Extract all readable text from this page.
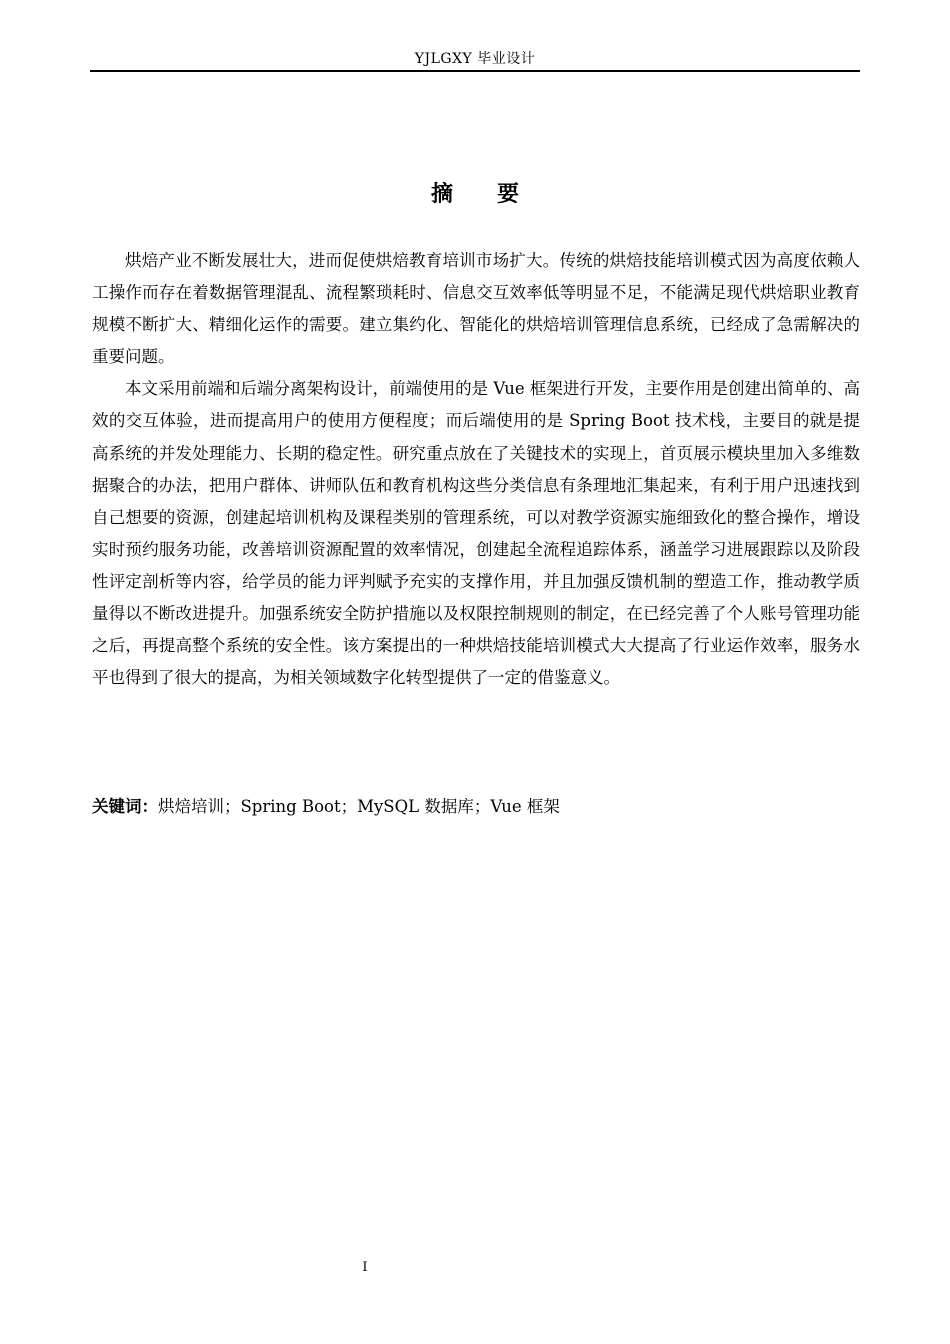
YJLGXY 毕业设计
摘 要

烘焙产业不断发展壮大，进而促使烘焙教育培训市场扩大。传统的烘焙技能培训模式因为高度依赖人工操作而存在着数据管理混乱、流程繁琐耗时、信息交互效率低等明显不足，不能满足现代烘焙职业教育规模不断扩大、精细化运作的需要。建立集约化、智能化的烘焙培训管理信息系统，已经成了急需解决的重要问题。

本文采用前端和后端分离架构设计，前端使用的是 Vue 框架进行开发，主要作用是创建出简单的、高效的交互体验，进而提高用户的使用方便程度；而后端使用的是 Spring Boot 技术栈，主要目的就是提高系统的并发处理能力、长期的稳定性。研究重点放在了关键技术的实现上，首页展示模块里加入多维数据聚合的办法，把用户群体、讲师队伍和教育机构这些分类信息有条理地汇集起来，有利于用户迅速找到自己想要的资源，创建起培训机构及课程类别的管理系统，可以对教学资源实施细致化的整合操作，增设实时预约服务功能，改善培训资源配置的效率情况，创建起全流程追踪体系，涵盖学习进展跟踪以及阶段性评定剖析等内容，给学员的能力评判赋予充实的支撑作用，并且加强反馈机制的塑造工作，推动教学质量得以不断改进提升。加强系统安全防护措施以及权限控制规则的制定，在已经完善了个人账号管理功能之后，再提高整个系统的安全性。该方案提出的一种烘焙技能培训模式大大提高了行业运作效率，服务水平也得到了很大的提高，为相关领域数字化转型提供了一定的借鉴意义。

关键词：烘焙培训；Spring Boot；MySQL 数据库；Vue 框架
I
